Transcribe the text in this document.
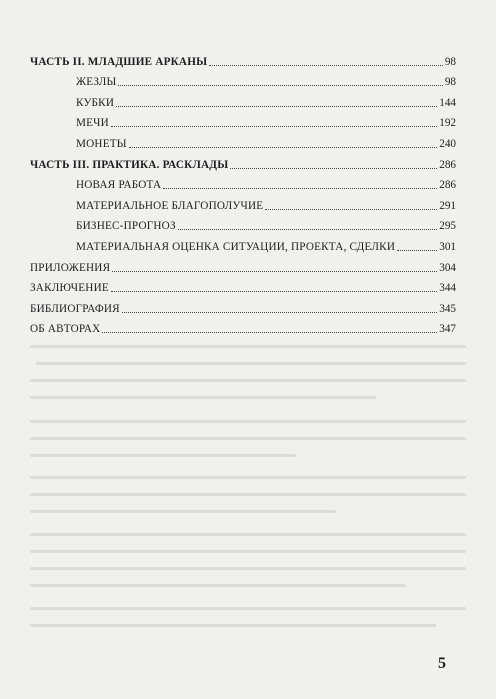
ЧАСТЬ II. МЛАДШИЕ АРКАНЫ	98
ЖЕЗЛЫ	98
КУБКИ	144
МЕЧИ	192
МОНЕТЫ	240
ЧАСТЬ III. ПРАКТИКА. РАСКЛАДЫ	286
НОВАЯ РАБОТА	286
МАТЕРИАЛЬНОЕ БЛАГОПОЛУЧИЕ	291
БИЗНЕС-ПРОГНОЗ	295
МАТЕРИАЛЬНАЯ ОЦЕНКА СИТУАЦИИ, ПРОЕКТА, СДЕЛКИ	301
ПРИЛОЖЕНИЯ	304
ЗАКЛЮЧЕНИЕ	344
БИБЛИОГРАФИЯ	345
ОБ АВТОРАХ	347
5
